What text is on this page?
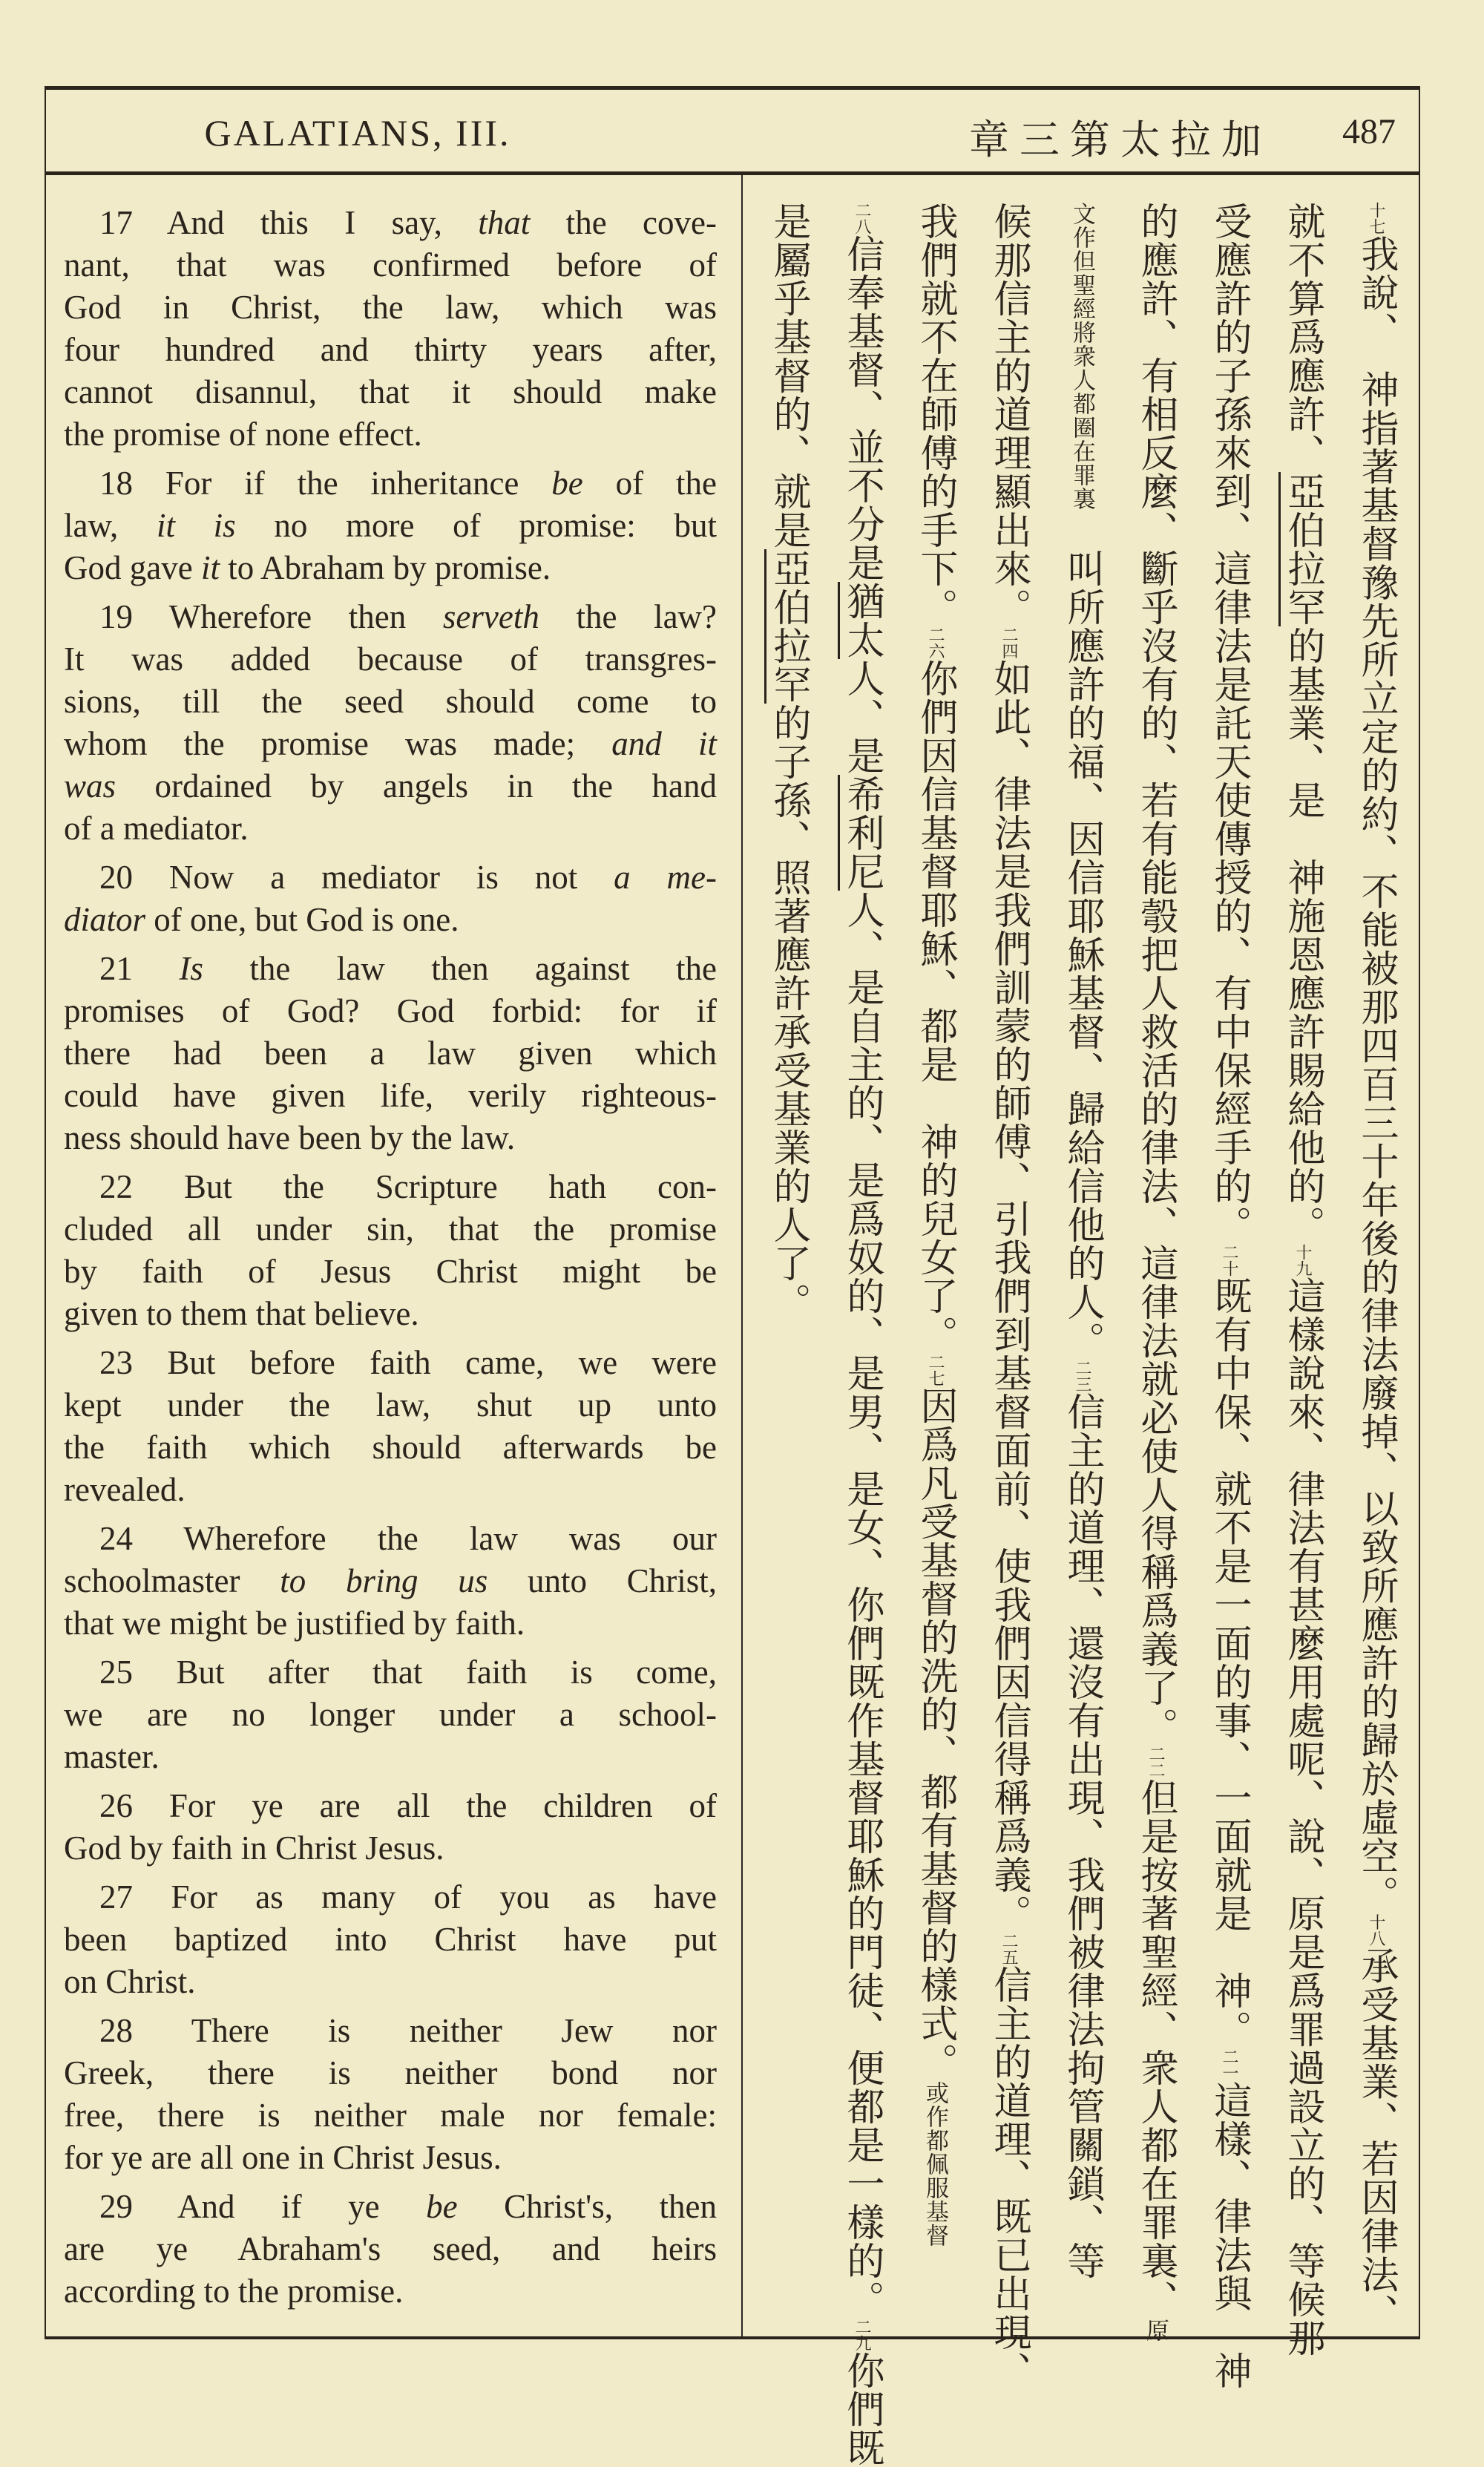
GALATIANS, III.	章三第太拉加	487
17 And this I say, that the cove-
nant, that was confirmed before of
God in Christ, the law, which was
four hundred and thirty years after,
cannot disannul, that it should make
the promise of none effect.
18 For if the inheritance be of the
law, it is no more of promise: but
God gave it to Abraham by promise.
19 Wherefore then serveth the law?
It was added because of transgres-
sions, till the seed should come to
whom the promise was made; and it
was ordained by angels in the hand
of a mediator.
20 Now a mediator is not a me-
diator of one, but God is one.
21 Is the law then against the
promises of God? God forbid: for if
there had been a law given which
could have given life, verily righteous-
ness should have been by the law.
22 But the Scripture hath con-
cluded all under sin, that the promise
by faith of Jesus Christ might be
given to them that believe.
23 But before faith came, we were
kept under the law, shut up unto
the faith which should afterwards be
revealed.
24 Wherefore the law was our
schoolmaster to bring us unto Christ,
that we might be justified by faith.
25 But after that faith is come,
we are no longer under a school-
master.
26 For ye are all the children of
God by faith in Christ Jesus.
27 For as many of you as have
been baptized into Christ have put
on Christ.
28 There is neither Jew nor
Greek, there is neither bond nor
free, there is neither male nor female:
for ye are all one in Christ Jesus.
29 And if ye be Christ's, then
are ye Abraham's seed, and heirs
according to the promise.
十七我說、　神指著基督豫先所立定的約、不能被那四百三十年後的律法廢掉、以致所應許的歸於虛空。十八承受基業、若因律法、
就不算爲應許、亞伯拉罕的基業、是　神施恩應許賜給他的。十九這樣說來、律法有甚麼用處呢、說、原是爲罪過設立的、等候那
受應許的子孫來到、這律法是託天使傳授的、有中保經手的。二十既有中保、就不是一面的事、一面就是　神。二一這樣、律法與　神
的應許、有相反麼、斷乎沒有的、若有能彀把人救活的律法、這律法就必使人得稱爲義了。二二但是按著聖經、衆人都在罪裏、原
文作但聖經將衆人都圈在罪裏　叫所應許的福、因信耶穌基督、歸給信他的人。二三信主的道理、還沒有出現、我們被律法拘管關鎖、等
候那信主的道理顯出來。二四如此、律法是我們訓蒙的師傅、引我們到基督面前、使我們因信得稱爲義。二五信主的道理、既已出現、
我們就不在師傅的手下。二六你們因信基督耶穌、都是　神的兒女了。二七因爲凡受基督的洗的、都有基督的樣式。或作都佩服基督
二八信奉基督、並不分是猶太人、是希利尼人、是自主的、是爲奴的、是男、是女、你們既作基督耶穌的門徒、便都是一樣的。二九你們既
是屬乎基督的、就是亞伯拉罕的子孫、照著應許承受基業的人了。
